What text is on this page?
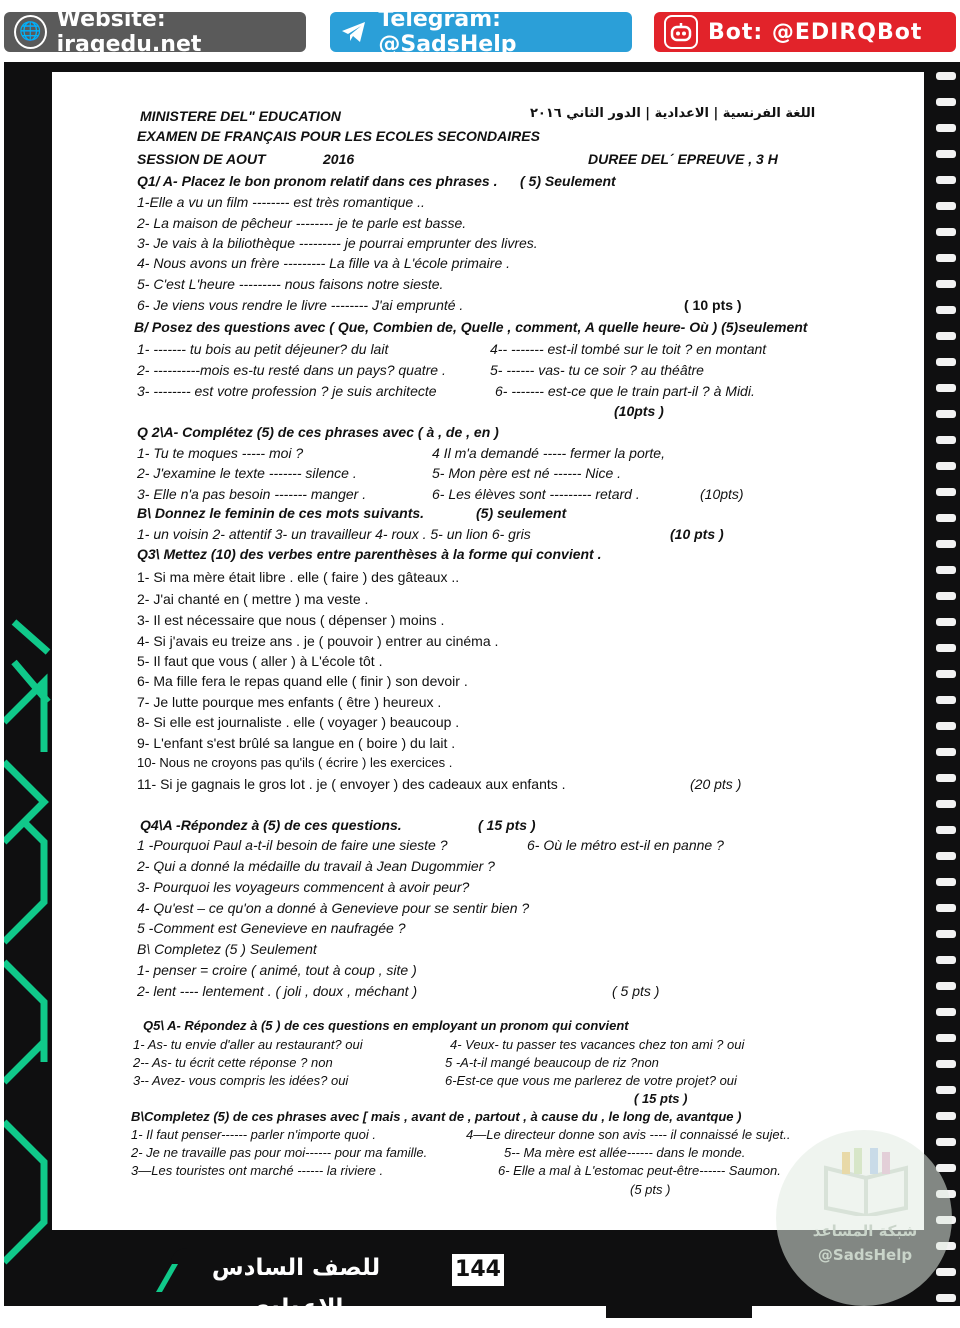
🌐 Website: iraqedu.net
Telegram: @SadsHelp	Bot: @EDIRQBot
MINISTERE DEL" EDUCATION	اللغة الفرنسية | الاعدادية | الدور الثاني ٢٠١٦
EXAMEN DE FRANÇAIS POUR LES ECOLES SECONDAIRES
SESSION DE AOUT	2016	DUREE DEL´ EPREUVE , 3 H
Q1/ A- Placez le bon pronom relatif dans ces phrases . ( 5) Seulement
1-Elle a vu un film -------- est très romantique ..
2- La maison de pêcheur -------- je te parle est basse.
3- Je vais à la biliothèque --------- je pourrai emprunter des livres.
4- Nous avons un frère --------- La fille va à L'école primaire .
5- C'est L'heure --------- nous faisons notre sieste.
6- Je viens vous rendre le livre -------- J'ai emprunté .	( 10 pts )
B/ Posez des questions avec ( Que, Combien de, Quelle , comment, A quelle heure- Où ) (5)seulement
1- ------- tu bois au petit déjeuner? du lait
2- ----------mois es-tu resté dans un pays? quatre .
3- -------- est votre profession ? je suis architecte
4-- ------- est-il tombé sur le toit ? en montant
5- ------ vas- tu ce soir ? au théâtre
6- ------- est-ce que le train part-il ? à Midi.
(10pts )
Q 2\A- Complétez (5) de ces phrases avec ( à , de , en )
1- Tu te moques ----- moi ?
2- J'examine le texte ------- silence .
3- Elle n'a pas besoin ------- manger .
4 Il m'a demandé ----- fermer la porte,
5- Mon père est né ------ Nice .
6- Les élèves sont --------- retard .	(10pts)
B\ Donnez le feminin de ces mots suivants.	(5) seulement
1- un voisin 2- attentif 3- un travailleur 4- roux . 5- un lion 6- gris	(10 pts )
Q3\ Mettez (10) des verbes entre parenthèses à la forme qui convient .
1- Si ma mère était libre . elle ( faire ) des gâteaux ..
2- J'ai chanté en ( mettre ) ma veste .
3- Il est nécessaire que nous ( dépenser ) moins .
4- Si j'avais eu treize ans . je ( pouvoir ) entrer au cinéma .
5- Il faut que vous ( aller ) à L'école tôt .
6- Ma fille fera le repas quand elle ( finir ) son devoir .
7- Je lutte pourque mes enfants ( être ) heureux .
8- Si elle est journaliste . elle ( voyager ) beaucoup .
9- L'enfant s'est brûlé sa langue en ( boire ) du lait .
10- Nous ne croyons pas qu'ils ( écrire ) les exercices .
11- Si je gagnais le gros lot . je ( envoyer ) des cadeaux aux enfants .	(20 pts )
Q4\A -Répondez à (5) de ces questions.	( 15 pts )
1 -Pourquoi Paul a-t-il besoin de faire une sieste ?	6- Où le métro est-il en panne ?
2- Qui a donné la médaille du travail à Jean Dugommier ?
3- Pourquoi les voyageurs commencent à avoir peur?
4- Qu'est – ce qu'on a donné à Genevieve pour se sentir bien ?
5 -Comment est Genevieve en naufragée ?
B\ Completez (5 ) Seulement
1- penser = croire ( animé, tout à coup , site )
2- lent ---- lentement . ( joli , doux , méchant )	( 5 pts )
Q5\ A- Répondez à (5 ) de ces questions en employant un pronom qui convient
1- As- tu envie d'aller au restaurant? oui
2-- As- tu écrit cette réponse ? non
3-- Avez- vous compris les idées? oui
4- Veux- tu passer tes vacances chez ton ami ? oui
5 -A-t-il mangé beaucoup de riz ?non
6-Est-ce que vous me parlerez de votre projet? oui
( 15 pts )
B\Completez (5) de ces phrases avec [ mais , avant de , partout , à cause du , le long de, avantque )
1- Il faut penser------ parler n'importe quoi .
2- Je ne travaille pas pour moi------ pour ma famille.
3—Les touristes ont marché ------ la riviere .
4—Le directeur donne son avis ---- il connaissé le sujet..
5-- Ma mère est allée------ dans le monde.
6- Elle a mal à L'estomac peut-être------ Saumon.
(5 pts )
شبكة المساعد
@SadsHelp
للصف السادس الاعدادي
144
